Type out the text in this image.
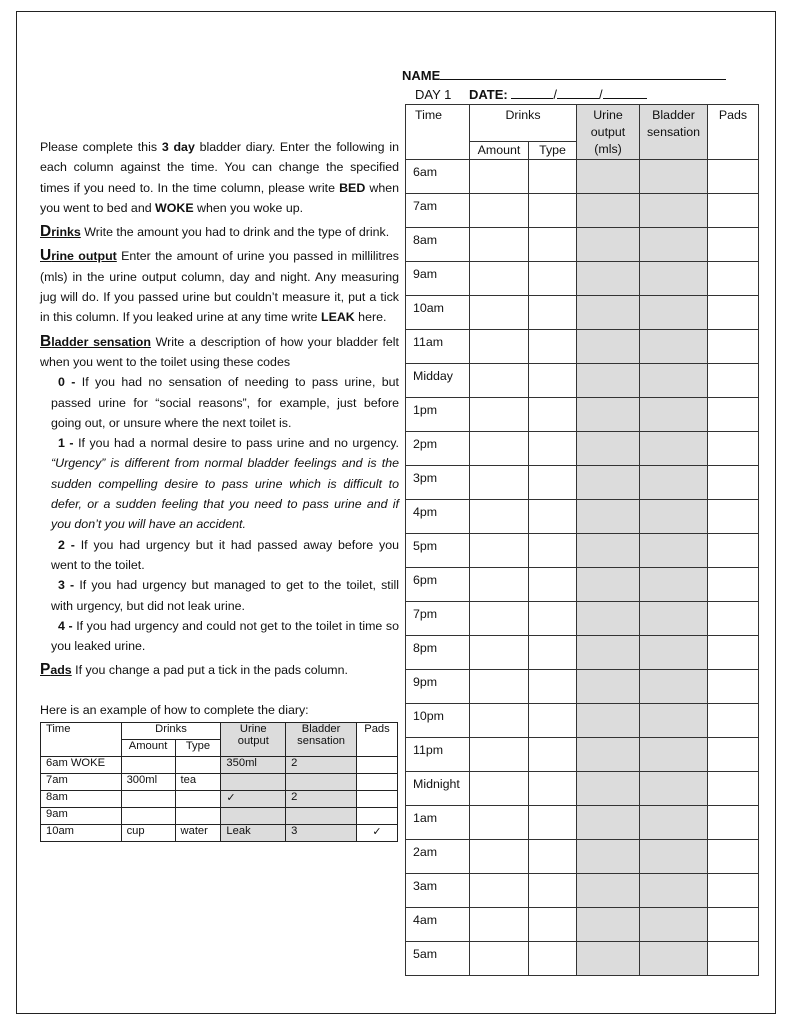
NAME
DAY 1 DATE:	/	/

Please complete this 3 day bladder diary. Enter the following in each column against the time. You can change the specified times if you need to. In the time column, please write BED when you went to bed and WOKE when you woke up.

Drinks Write the amount you had to drink and the type of drink.

Urine output Enter the amount of urine you passed in millilitres (mls) in the urine output column, day and night. Any measuring jug will do. If you passed urine but couldn’t measure it, put a tick in this column. If you leaked urine at any time write LEAK here.

Bladder sensation Write a description of how your bladder felt when you went to the toilet using these codes

0 - If you had no sensation of needing to pass urine, but passed urine for “social reasons”, for example, just before going out, or unsure where the next toilet is.

1 - If you had a normal desire to pass urine and no urgency. “Urgency” is different from normal bladder feelings and is the sudden compelling desire to pass urine which is difficult to defer, or a sudden feeling that you need to pass urine and if you don’t you will have an accident.

2 - If you had urgency but it had passed away before you went to the toilet.

3 - If you had urgency but managed to get to the toilet, still with urgency, but did not leak urine.

4 - If you had urgency and could not get to the toilet in time so you leaked urine.

Pads If you change a pad put a tick in the pads column.

Here is an example of how to complete the diary:
Time	Drinks		Urine output	Bladder sensation	Pads
	Amount	Type			
6am WOKE			350ml	2	
7am	300ml	tea			
8am			✓	2	
9am					
10am	cup	water	Leak	3	✓
Time	Drinks		Urine output (mls)	Bladder sensation	Pads
	Amount	Type			
6am					
7am					
8am					
9am					
10am					
11am					
Midday					
1pm					
2pm					
3pm					
4pm					
5pm					
6pm					
7pm					
8pm					
9pm					
10pm					
11pm					
Midnight					
1am					
2am					
3am					
4am					
5am					
